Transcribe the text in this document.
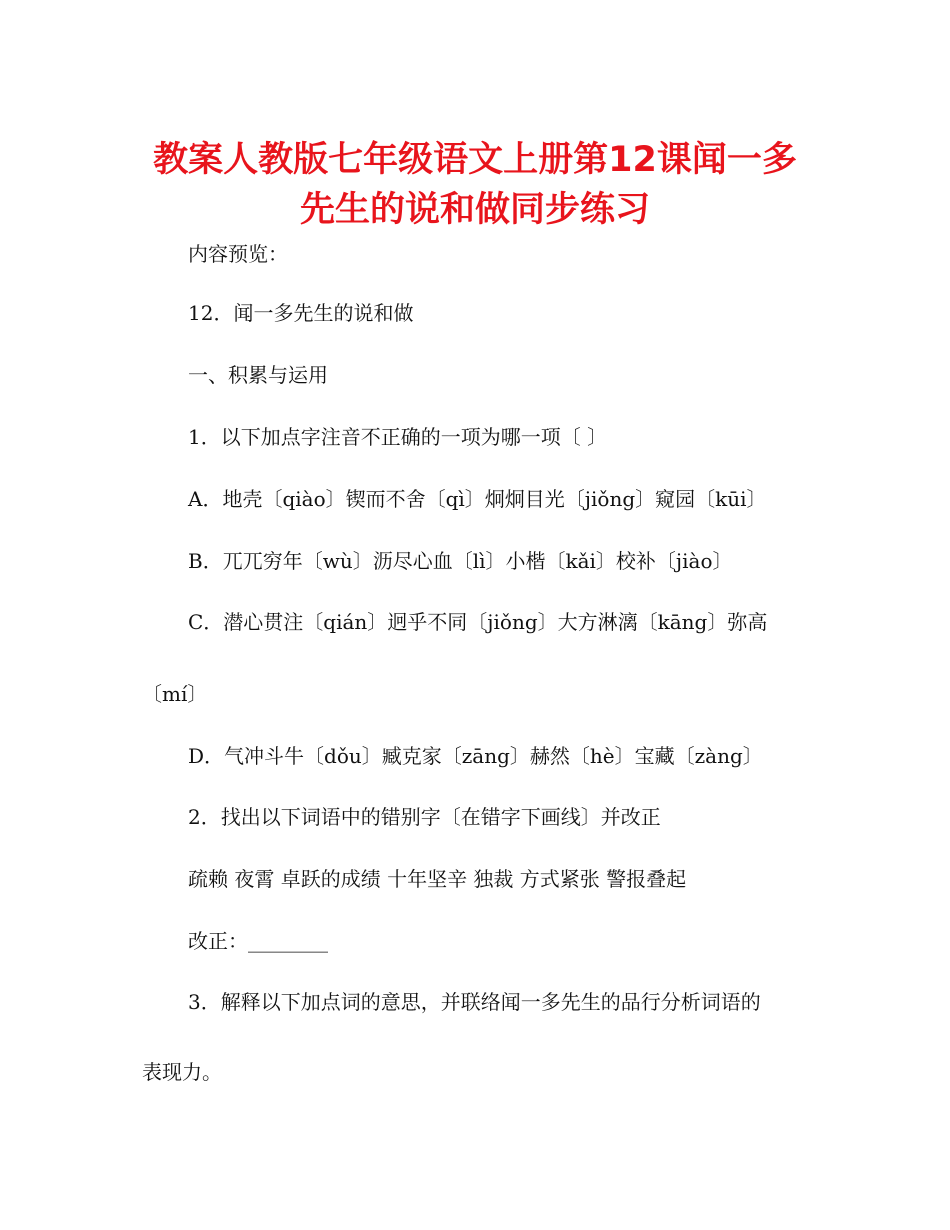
教案人教版七年级语文上册第12课闻一多
先生的说和做同步练习
内容预览：
12．闻一多先生的说和做
一、积累与运用
1．以下加点字注音不正确的一项为哪一项〔 〕
A．地壳〔qiào〕锲而不舍〔qì〕炯炯目光〔jiǒng〕窥园〔kūi〕
B．兀兀穷年〔wù〕沥尽心血〔lì〕小楷〔kǎi〕校补〔jiào〕
C．潜心贯注〔qián〕迥乎不同〔jiǒng〕大方淋漓〔kāng〕弥高
〔mí〕
D．气冲斗牛〔dǒu〕臧克家〔zāng〕赫然〔hè〕宝藏〔zàng〕
2．找出以下词语中的错别字〔在错字下画线〕并改正
疏赖 夜霄 卓跃的成绩 十年坚辛 独裁 方式紧张 警报叠起
改正：________
3．解释以下加点词的意思，并联络闻一多先生的品行分析词语的
表现力。
